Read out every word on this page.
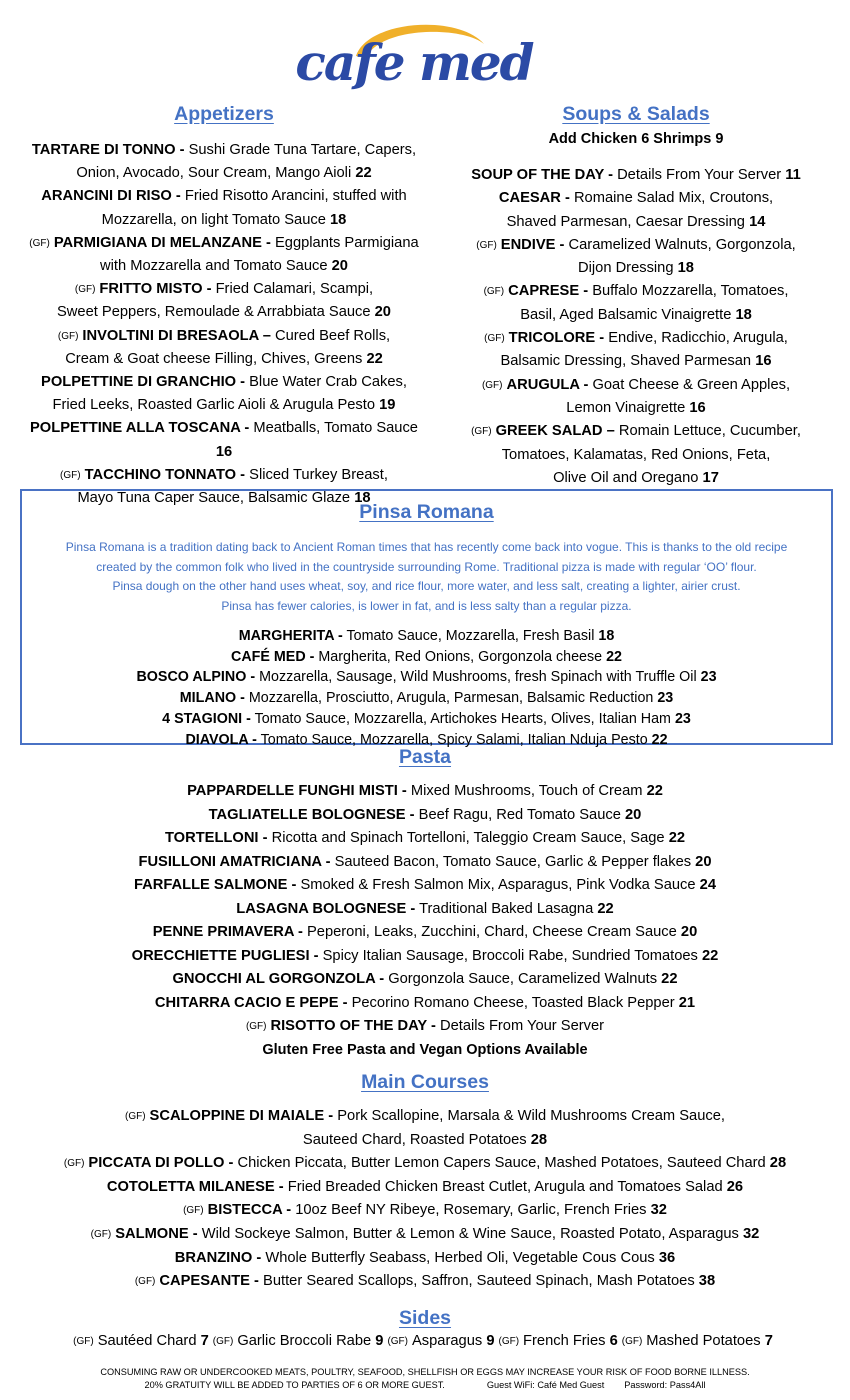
cafe med
Appetizers
TARTARE DI TONNO - Sushi Grade Tuna Tartare, Capers,
Onion, Avocado, Sour Cream, Mango Aioli 22
ARANCINI DI RISO - Fried Risotto Arancini, stuffed with
Mozzarella, on light Tomato Sauce 18
(GF) PARMIGIANA DI MELANZANE - Eggplants Parmigiana
with Mozzarella and Tomato Sauce 20
(GF) FRITTO MISTO - Fried Calamari, Scampi,
Sweet Peppers, Remoulade & Arrabbiata Sauce 20
(GF) INVOLTINI DI BRESAOLA – Cured Beef Rolls,
Cream & Goat cheese Filling, Chives, Greens 22
POLPETTINE DI GRANCHIO - Blue Water Crab Cakes,
Fried Leeks, Roasted Garlic Aioli & Arugula Pesto 19
POLPETTINE ALLA TOSCANA - Meatballs, Tomato Sauce 16
(GF) TACCHINO TONNATO - Sliced Turkey Breast,
Mayo Tuna Caper Sauce, Balsamic Glaze 18
Soups & Salads
Add Chicken 6 Shrimps 9
SOUP OF THE DAY - Details From Your Server 11
CAESAR - Romaine Salad Mix, Croutons,
Shaved Parmesan, Caesar Dressing 14
(GF) ENDIVE - Caramelized Walnuts, Gorgonzola,
Dijon Dressing 18
(GF) CAPRESE - Buffalo Mozzarella, Tomatoes,
Basil, Aged Balsamic Vinaigrette 18
(GF) TRICOLORE - Endive, Radicchio, Arugula,
Balsamic Dressing, Shaved Parmesan 16
(GF) ARUGULA - Goat Cheese & Green Apples,
Lemon Vinaigrette 16
(GF) GREEK SALAD – Romain Lettuce, Cucumber,
Tomatoes, Kalamatas, Red Onions, Feta,
Olive Oil and Oregano 17
Pinsa Romana
Pinsa Romana is a tradition dating back to Ancient Roman times that has recently come back into vogue. This is thanks to the old recipe
created by the common folk who lived in the countryside surrounding Rome. Traditional pizza is made with regular ‘OO’ flour.
Pinsa dough on the other hand uses wheat, soy, and rice flour, more water, and less salt, creating a lighter, airier crust.
Pinsa has fewer calories, is lower in fat, and is less salty than a regular pizza.
MARGHERITA - Tomato Sauce, Mozzarella, Fresh Basil 18
CAFÉ MED - Margherita, Red Onions, Gorgonzola cheese 22
BOSCO ALPINO - Mozzarella, Sausage, Wild Mushrooms, fresh Spinach with Truffle Oil 23
MILANO - Mozzarella, Prosciutto, Arugula, Parmesan, Balsamic Reduction 23
4 STAGIONI - Tomato Sauce, Mozzarella, Artichokes Hearts, Olives, Italian Ham 23
DIAVOLA - Tomato Sauce, Mozzarella, Spicy Salami, Italian Nduja Pesto 22
Pasta
PAPPARDELLE FUNGHI MISTI - Mixed Mushrooms, Touch of Cream 22
TAGLIATELLE BOLOGNESE - Beef Ragu, Red Tomato Sauce 20
TORTELLONI - Ricotta and Spinach Tortelloni, Taleggio Cream Sauce, Sage 22
FUSILLONI AMATRICIANA - Sauteed Bacon, Tomato Sauce, Garlic & Pepper flakes 20
FARFALLE SALMONE - Smoked & Fresh Salmon Mix, Asparagus, Pink Vodka Sauce 24
LASAGNA BOLOGNESE - Traditional Baked Lasagna 22
PENNE PRIMAVERA - Peperoni, Leaks, Zucchini, Chard, Cheese Cream Sauce 20
ORECCHIETTE PUGLIESI - Spicy Italian Sausage, Broccoli Rabe, Sundried Tomatoes 22
GNOCCHI AL GORGONZOLA - Gorgonzola Sauce, Caramelized Walnuts 22
CHITARRA CACIO E PEPE - Pecorino Romano Cheese, Toasted Black Pepper 21
(GF) RISOTTO OF THE DAY - Details From Your Server
Gluten Free Pasta and Vegan Options Available
Main Courses
(GF) SCALOPPINE DI MAIALE - Pork Scallopine, Marsala & Wild Mushrooms Cream Sauce,
Sauteed Chard, Roasted Potatoes 28
(GF) PICCATA DI POLLO - Chicken Piccata, Butter Lemon Capers Sauce, Mashed Potatoes, Sauteed Chard 28
COTOLETTA MILANESE - Fried Breaded Chicken Breast Cutlet, Arugula and Tomatoes Salad 26
(GF) BISTECCA - 10oz Beef NY Ribeye, Rosemary, Garlic, French Fries 32
(GF) SALMONE - Wild Sockeye Salmon, Butter & Lemon & Wine Sauce, Roasted Potato, Asparagus 32
BRANZINO - Whole Butterfly Seabass, Herbed Oli, Vegetable Cous Cous 36
(GF) CAPESANTE - Butter Seared Scallops, Saffron, Sauteed Spinach, Mash Potatoes 38
Sides
(GF) Sautéed Chard 7 (GF) Garlic Broccoli Rabe 9 (GF) Asparagus 9 (GF) French Fries 6 (GF) Mashed Potatoes 7
CONSUMING RAW OR UNDERCOOKED MEATS, POULTRY, SEAFOOD, SHELLFISH OR EGGS MAY INCREASE YOUR RISK OF FOOD BORNE ILLNESS.
20% GRATUITY WILL BE ADDED TO PARTIES OF 6 OR MORE GUEST.	Guest WiFi: Café Med Guest Password: Pass4All
